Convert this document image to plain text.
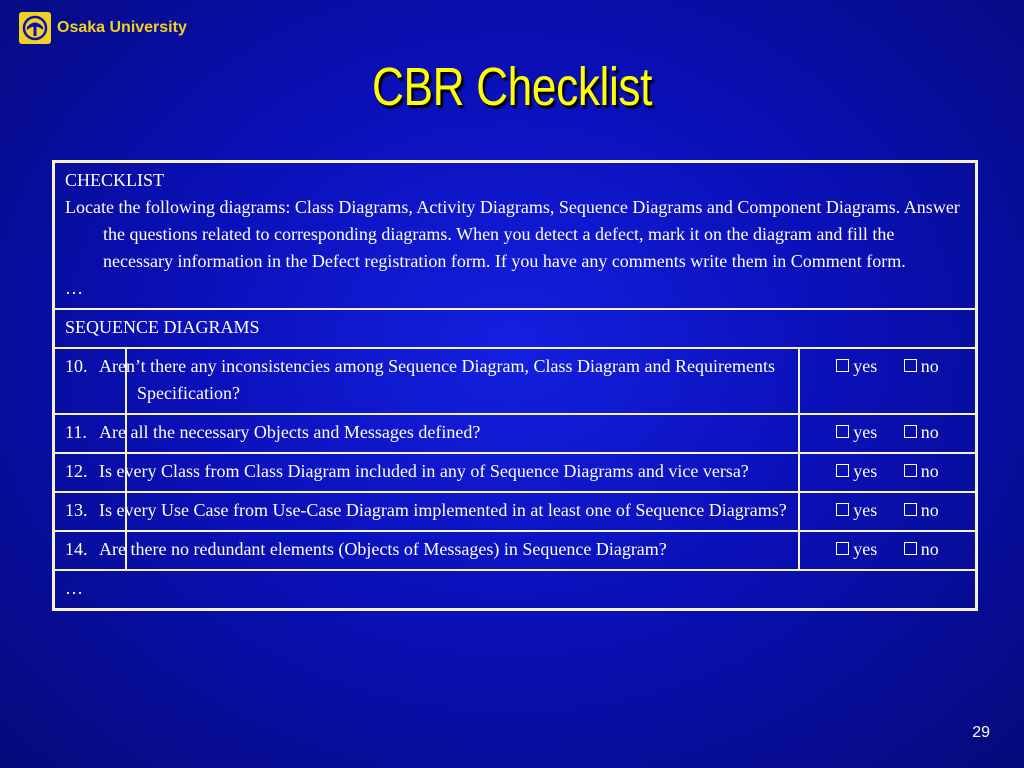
Osaka University
CBR Checklist
CHECKLIST
Locate the following diagrams: Class Diagrams, Activity Diagrams, Sequence Diagrams and Component Diagrams. Answer the questions related to corresponding diagrams. When you detect a defect, mark it on the diagram and fill the necessary information in the Defect registration form. If you have any comments write them in Comment form.
…		

SEQUENCE DIAGRAMS		
10.	Aren’t there any inconsistencies among Sequence Diagram, Class Diagram and Requirements Specification?	yes no
11.	Are all the necessary Objects and Messages defined?	yes no
12.	Is every Class from Class Diagram included in any of Sequence Diagrams and vice versa?	yes no
13.	Is every Use Case from Use-Case Diagram implemented in at least one of Sequence Diagrams?	yes no
14.	Are there no redundant elements (Objects of Messages) in Sequence Diagram?	yes no
…		
29
